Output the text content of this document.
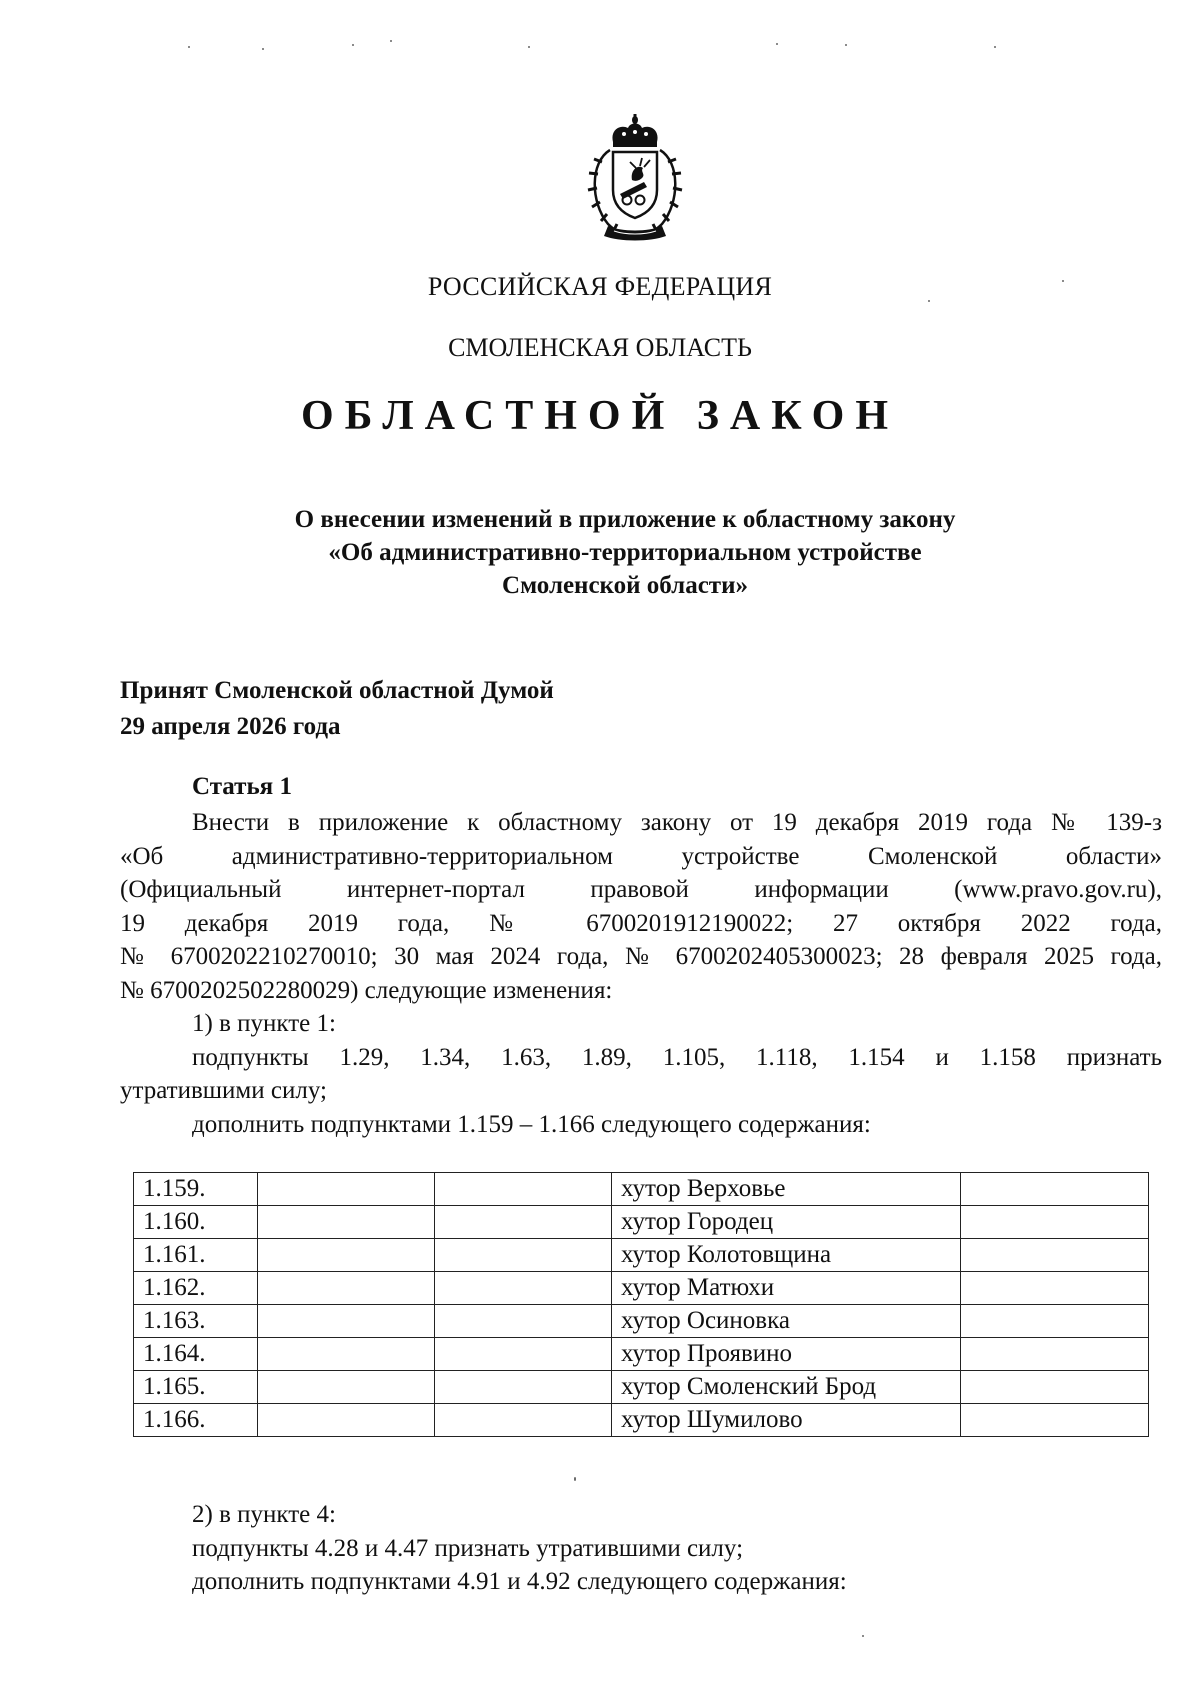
РОССИЙСКАЯ ФЕДЕРАЦИЯ
СМОЛЕНСКАЯ ОБЛАСТЬ
ОБЛАСТНОЙ ЗАКОН
О внесении изменений в приложение к областному закону
«Об административно-территориальном устройстве
Смоленской области»
Принят Смоленской областной Думой
29 апреля 2026 года
Статья 1
Внести в приложение к областному закону от 19 декабря 2019 года № 139-з
«Об административно-территориальном устройстве Смоленской области»
(Официальный интернет-портал правовой информации (www.pravo.gov.ru),
19 декабря 2019 года, № 6700201912190022; 27 октября 2022 года,
№ 6700202210270010; 30 мая 2024 года, № 6700202405300023; 28 февраля 2025 года,
№ 6700202502280029) следующие изменения:
1) в пункте 1:
подпункты 1.29, 1.34, 1.63, 1.89, 1.105, 1.118, 1.154 и 1.158 признать
утратившими силу;
дополнить подпунктами 1.159 – 1.166 следующего содержания:
1.159.			хутор Верховье	
1.160.			хутор Городец	
1.161.			хутор Колотовщина	
1.162.			хутор Матюхи	
1.163.			хутор Осиновка	
1.164.			хутор Проявино	
1.165.			хутор Смоленский Брод	
1.166.			хутор Шумилово	
2) в пункте 4:
подпункты 4.28 и 4.47 признать утратившими силу;
дополнить подпунктами 4.91 и 4.92 следующего содержания:
